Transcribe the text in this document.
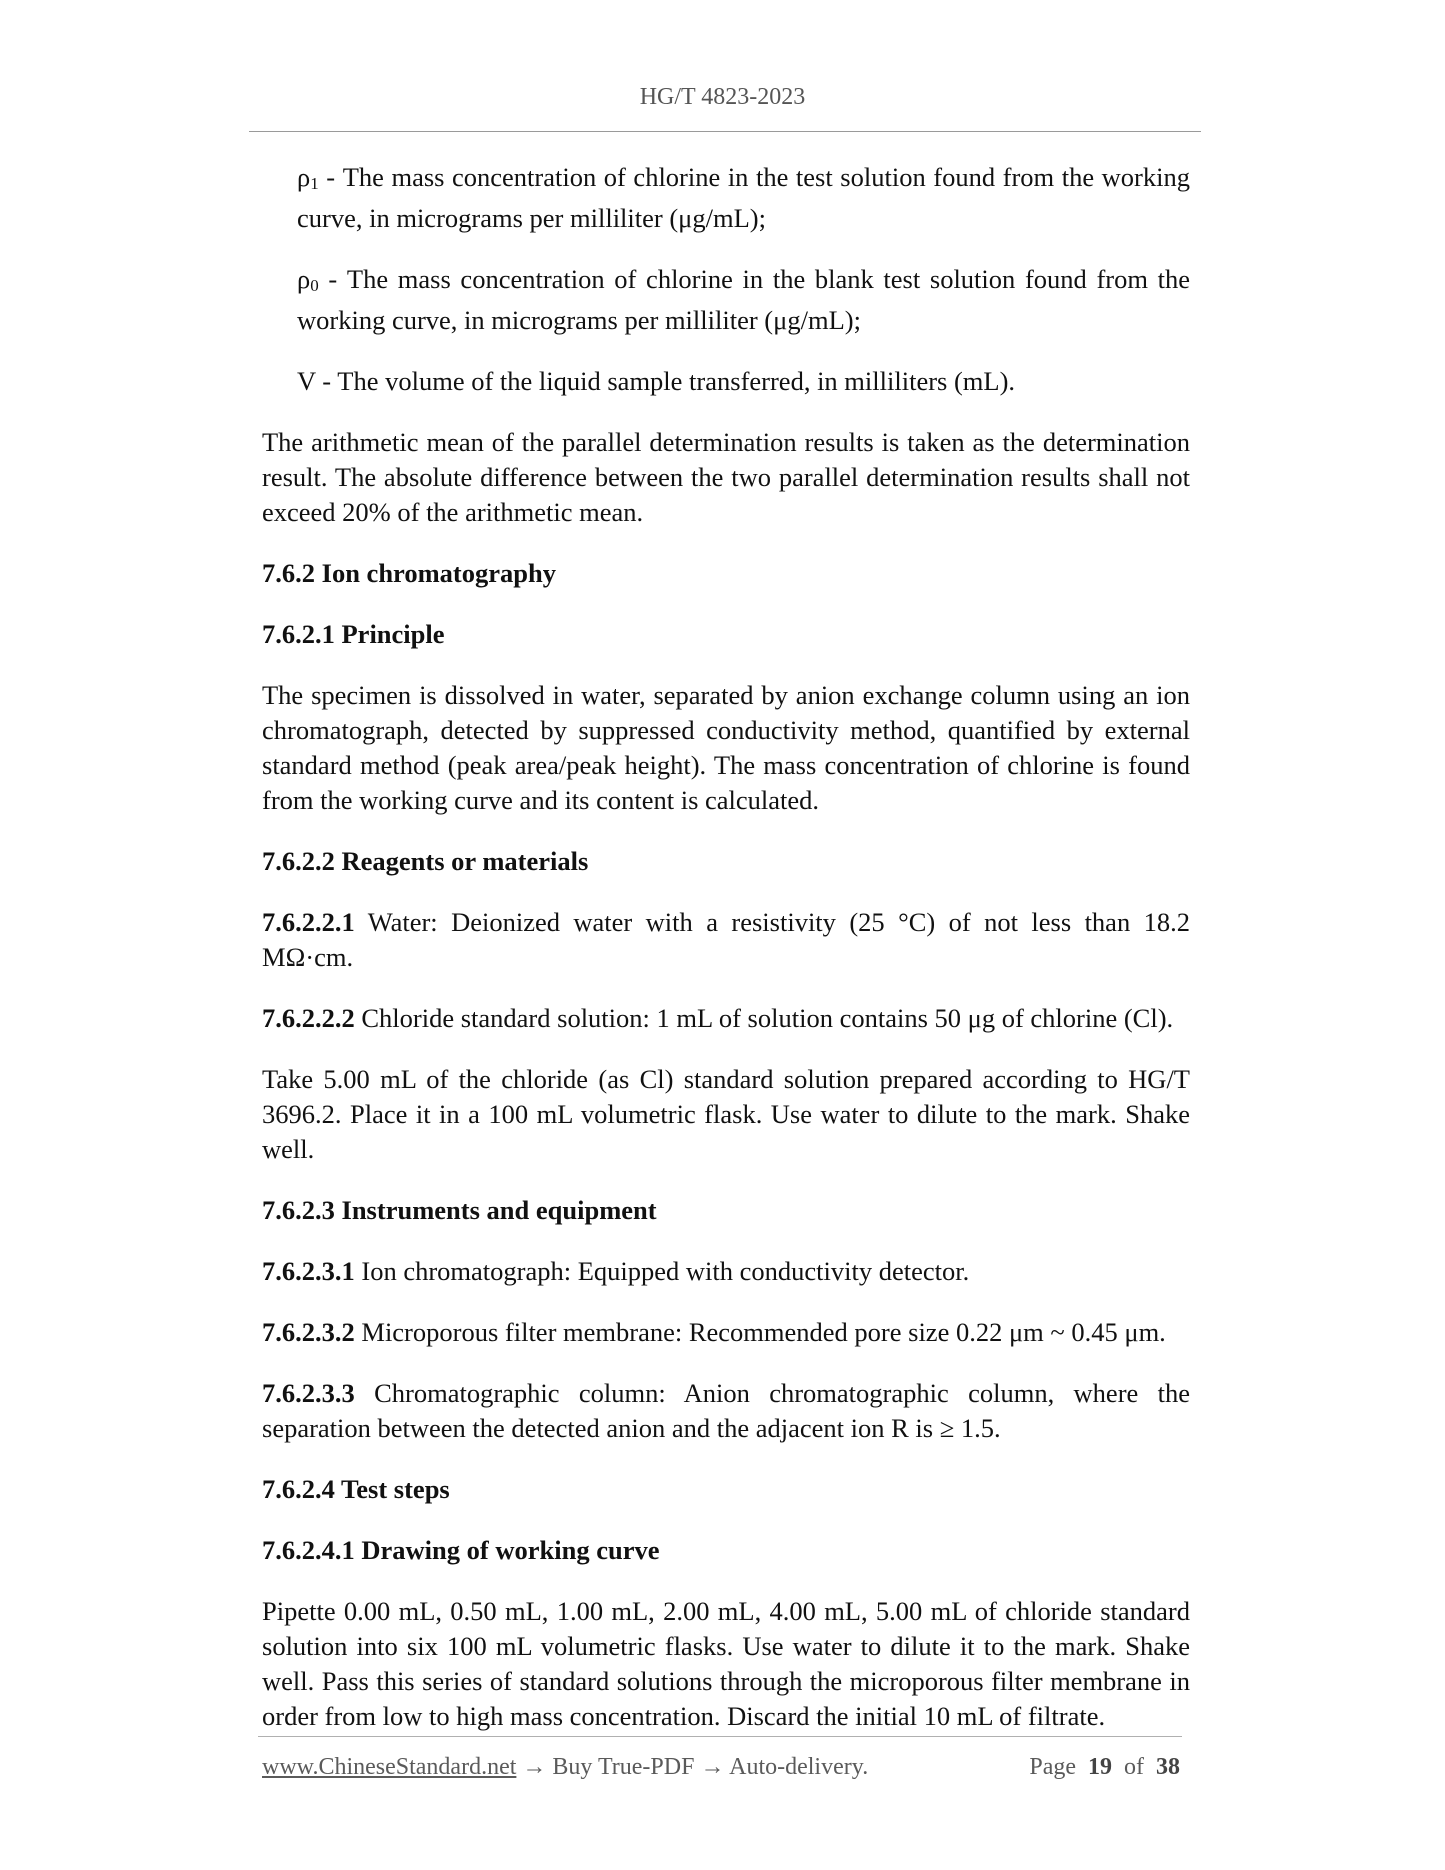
HG/T 4823-2023

ρ1 - The mass concentration of chlorine in the test solution found from the working curve, in micrograms per milliliter (μg/mL);

ρ0 - The mass concentration of chlorine in the blank test solution found from the working curve, in micrograms per milliliter (μg/mL);

V - The volume of the liquid sample transferred, in milliliters (mL).

The arithmetic mean of the parallel determination results is taken as the determination result. The absolute difference between the two parallel determination results shall not exceed 20% of the arithmetic mean.

7.6.2 Ion chromatography

7.6.2.1 Principle

The specimen is dissolved in water, separated by anion exchange column using an ion chromatograph, detected by suppressed conductivity method, quantified by external standard method (peak area/peak height). The mass concentration of chlorine is found from the working curve and its content is calculated.

7.6.2.2 Reagents or materials

7.6.2.2.1 Water: Deionized water with a resistivity (25 °C) of not less than 18.2 MΩ·cm.

7.6.2.2.2 Chloride standard solution: 1 mL of solution contains 50 μg of chlorine (Cl).

Take 5.00 mL of the chloride (as Cl) standard solution prepared according to HG/T 3696.2. Place it in a 100 mL volumetric flask. Use water to dilute to the mark. Shake well.

7.6.2.3 Instruments and equipment

7.6.2.3.1 Ion chromatograph: Equipped with conductivity detector.

7.6.2.3.2 Microporous filter membrane: Recommended pore size 0.22 μm ~ 0.45 μm.

7.6.2.3.3 Chromatographic column: Anion chromatographic column, where the separation between the detected anion and the adjacent ion R is ≥ 1.5.

7.6.2.4 Test steps

7.6.2.4.1 Drawing of working curve

Pipette 0.00 mL, 0.50 mL, 1.00 mL, 2.00 mL, 4.00 mL, 5.00 mL of chloride standard solution into six 100 mL volumetric flasks. Use water to dilute it to the mark. Shake well. Pass this series of standard solutions through the microporous filter membrane in order from low to high mass concentration. Discard the initial 10 mL of filtrate.

www.ChineseStandard.net → Buy True-PDF → Auto-delivery.	Page 19 of 38
